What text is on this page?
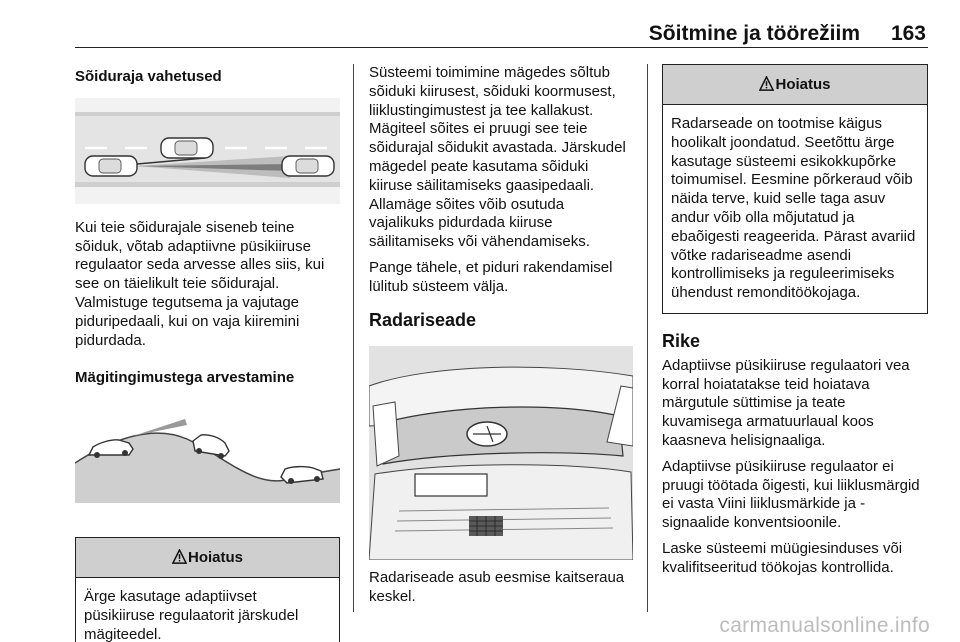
Sõitmine ja töörežiim 163

Sõiduraja vahetused

Kui teie sõidurajale siseneb teine sõiduk, võtab adaptiivne püsikiiruse regulaator seda arvesse alles siis, kui see on täielikult teie sõidurajal. Valmistuge tegutsema ja vajutage piduripedaali, kui on vaja kiiremini pidurdada.

Mägitingimustega arvestamine

Hoiatus
Ärge kasutage adaptiivset püsikiiruse regulaatorit järskudel mägiteedel.

Süsteemi toimimine mägedes sõltub sõiduki kiirusest, sõiduki koormusest, liiklustingimustest ja tee kallakust. Mägiteel sõites ei pruugi see teie sõidurajal sõidukit avastada. Järskudel mägedel peate kasutama sõiduki kiiruse säilitamiseks gaasipedaali. Allamäge sõites võib osutuda vajalikuks pidurdada kiiruse säilitamiseks või vähendamiseks.

Pange tähele, et piduri rakendamisel lülitub süsteem välja.

Radariseade

Radariseade asub eesmise kaitseraua keskel.

Hoiatus
Radarseade on tootmise käigus hoolikalt joondatud. Seetõttu ärge kasutage süsteemi esikokkupõrke toimumisel. Eesmine põrkeraud võib näida terve, kuid selle taga asuv andur võib olla mõjutatud ja ebaõigesti reageerida. Pärast avariid võtke radariseadme asendi kontrollimiseks ja reguleerimiseks ühendust remonditöökojaga.

Rike

Adaptiivse püsikiiruse regulaatori vea korral hoiatatakse teid hoiatava märgutule süttimise ja teate kuvamisega armatuurlaual koos kaasneva helisignaaliga.

Adaptiivse püsikiiruse regulaator ei pruugi töötada õigesti, kui liiklusmärgid ei vasta Viini liiklusmärkide ja -signaalide konventsioonile.

Laske süsteemi müügiesinduses või kvalifitseeritud töökojas kontrollida.

carmanualsonline.info
